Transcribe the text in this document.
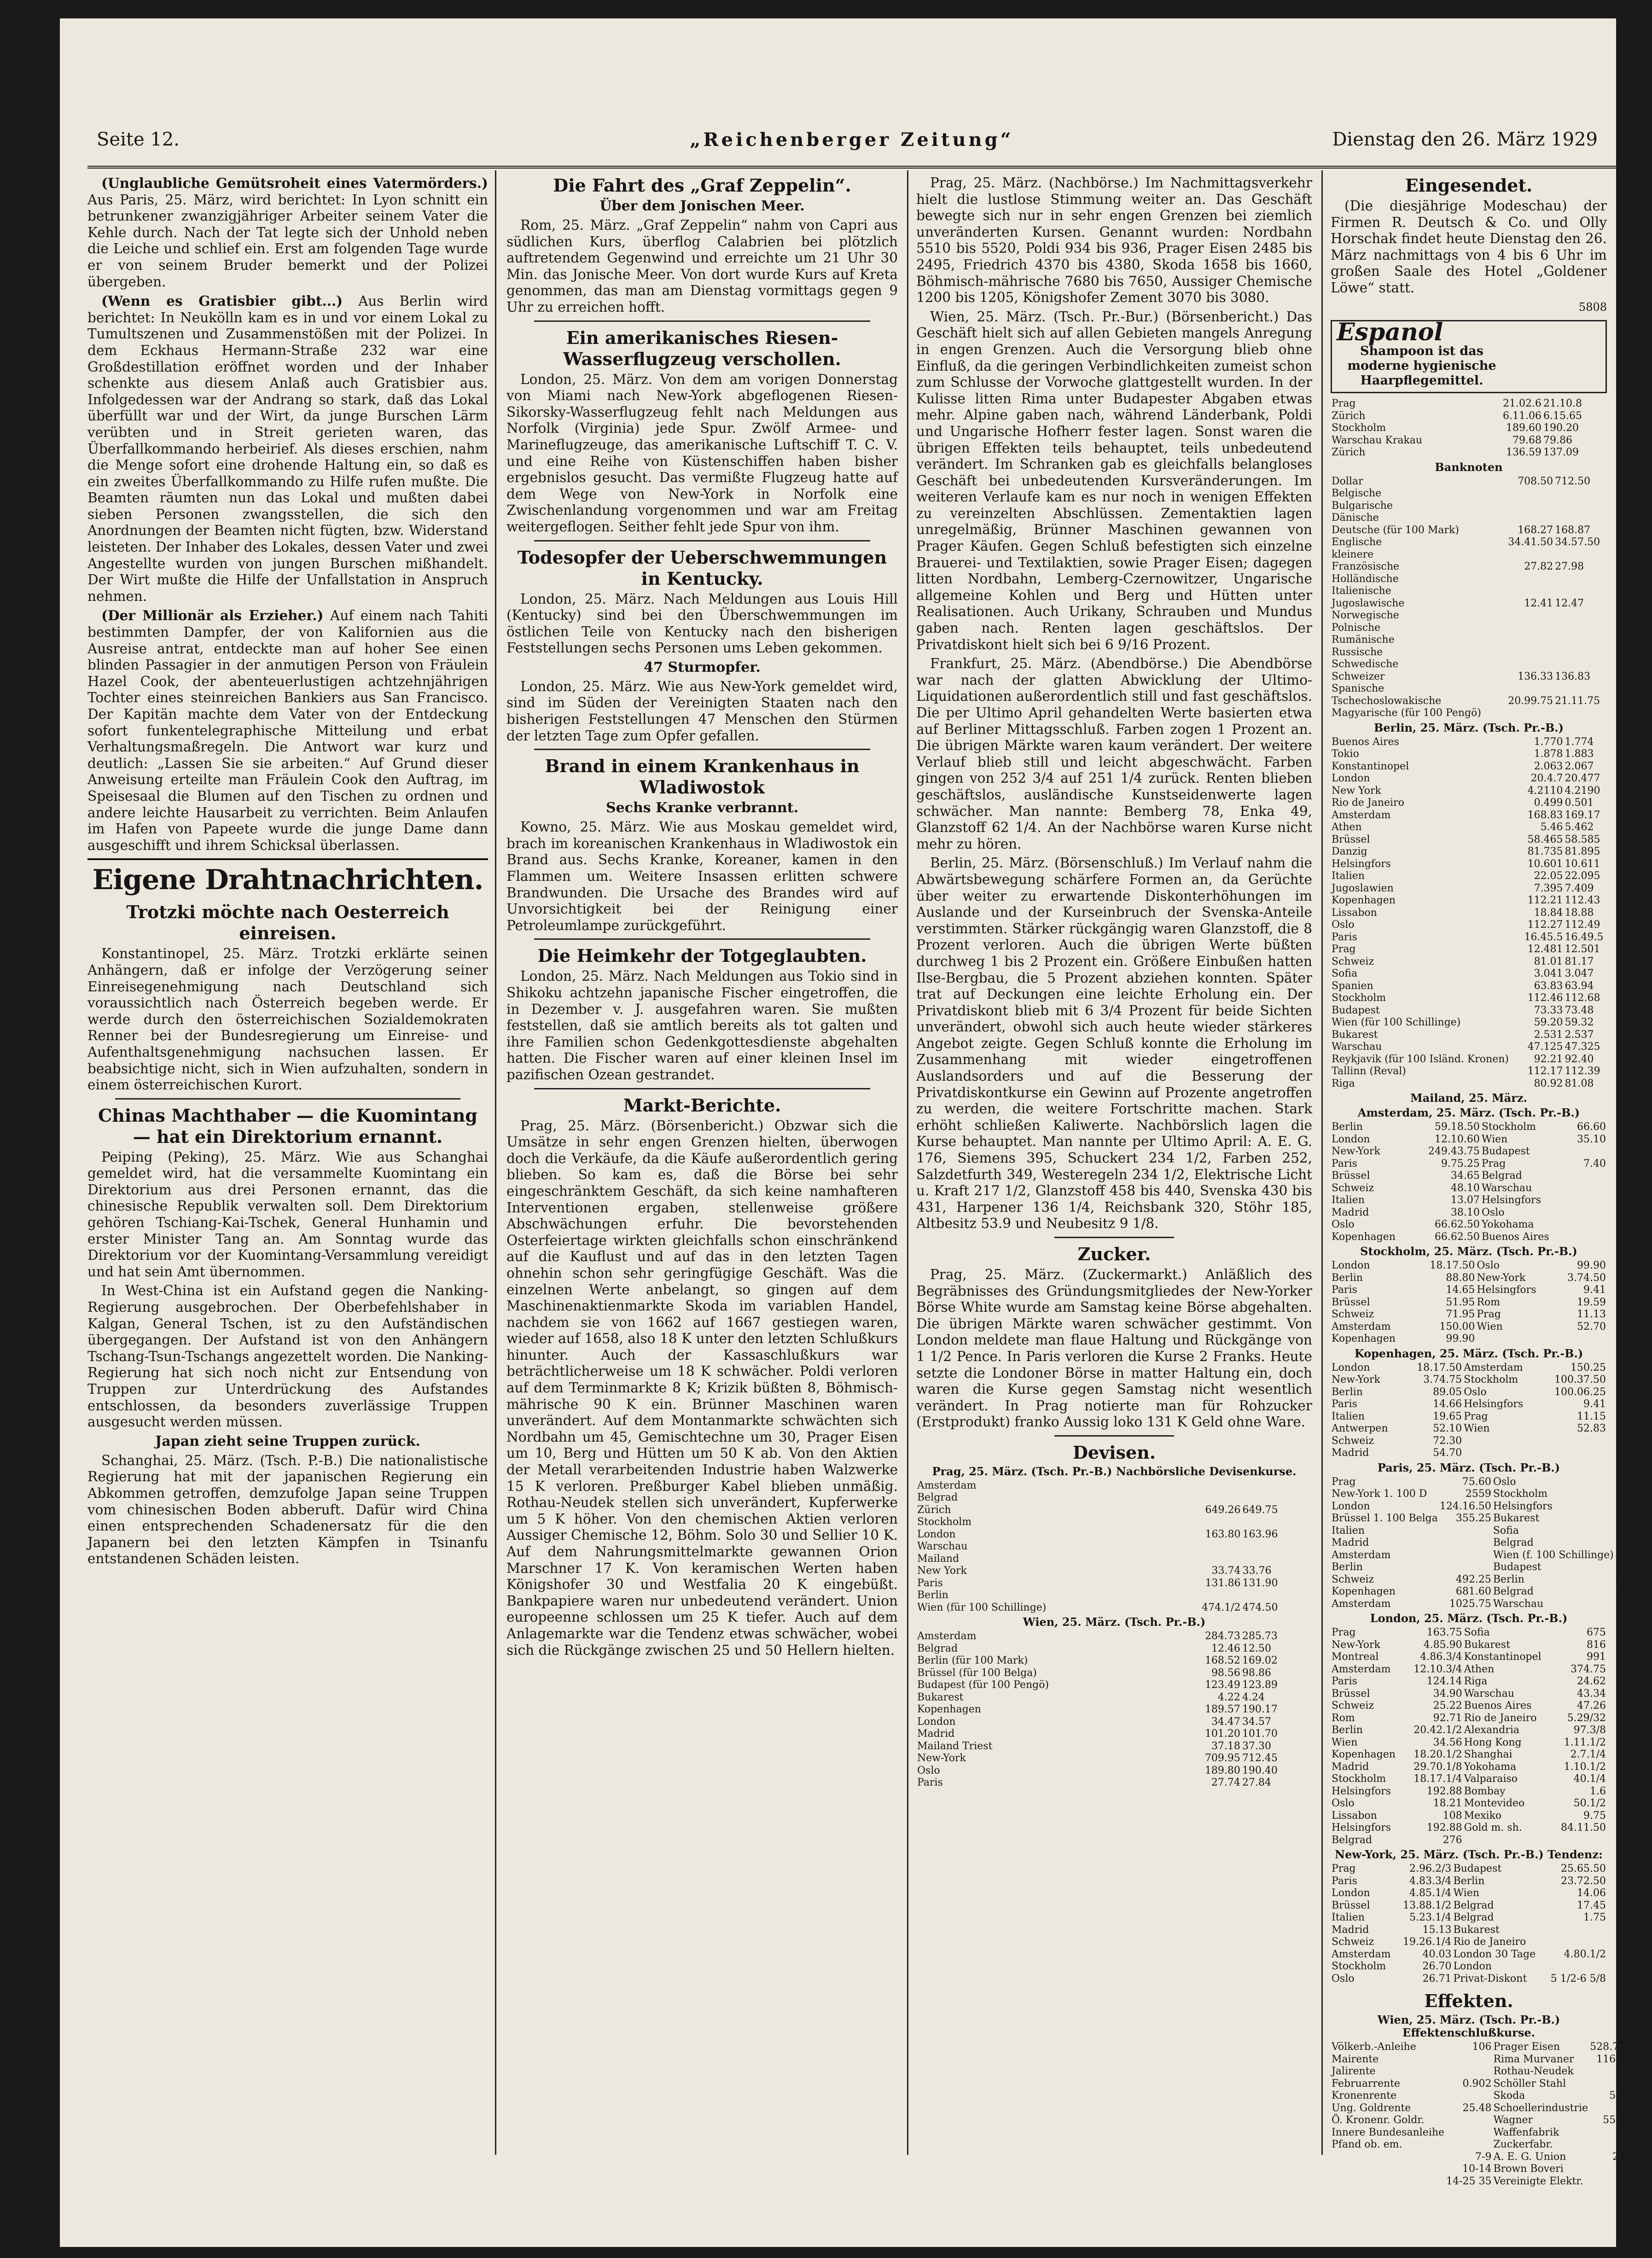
Seite 12.	„Reichenberger Zeitung“	Dienstag den 26. März 1929

(Unglaubliche Gemütsroheit eines Vatermörders.) Aus Paris, 25. März, wird berichtet: In Lyon schnitt ein betrunkener zwanzigjähriger Arbeiter seinem Vater die Kehle durch. Nach der Tat legte sich der Unhold neben die Leiche und schlief ein. Erst am folgenden Tage wurde er von seinem Bruder bemerkt und der Polizei übergeben.

(Wenn es Gratisbier gibt...) Aus Berlin wird berichtet: In Neukölln kam es in und vor einem Lokal zu Tumultszenen und Zusammenstößen mit der Polizei. In dem Eckhaus Hermann-Straße 232 war eine Großdestillation eröffnet worden und der Inhaber schenkte aus diesem Anlaß auch Gratisbier aus. Infolgedessen war der Andrang so stark, daß das Lokal überfüllt war und der Wirt, da junge Burschen Lärm verübten und in Streit gerieten waren, das Überfallkommando herbeirief. Als dieses erschien, nahm die Menge sofort eine drohende Haltung ein, so daß es ein zweites Überfallkommando zu Hilfe rufen mußte. Die Beamten räumten nun das Lokal und mußten dabei sieben Personen zwangsstellen, die sich den Anordnungen der Beamten nicht fügten, bzw. Widerstand leisteten. Der Inhaber des Lokales, dessen Vater und zwei Angestellte wurden von jungen Burschen mißhandelt. Der Wirt mußte die Hilfe der Unfallstation in Anspruch nehmen.

(Der Millionär als Erzieher.) Auf einem nach Tahiti bestimmten Dampfer, der von Kalifornien aus die Ausreise antrat, entdeckte man auf hoher See einen blinden Passagier in der anmutigen Person von Fräulein Hazel Cook, der abenteuerlustigen achtzehnjährigen Tochter eines steinreichen Bankiers aus San Francisco. Der Kapitän machte dem Vater von der Entdeckung sofort funkentelegraphische Mitteilung und erbat Verhaltungsmaßregeln. Die Antwort war kurz und deutlich: „Lassen Sie sie arbeiten.“ Auf Grund dieser Anweisung erteilte man Fräulein Cook den Auftrag, im Speisesaal die Blumen auf den Tischen zu ordnen und andere leichte Hausarbeit zu verrichten. Beim Anlaufen im Hafen von Papeete wurde die junge Dame dann ausgeschifft und ihrem Schicksal überlassen.

Eigene Drahtnachrichten.
Trotzki möchte nach Oesterreich einreisen.

Konstantinopel, 25. März. Trotzki erklärte seinen Anhängern, daß er infolge der Verzögerung seiner Einreisegenehmigung nach Deutschland sich voraussichtlich nach Österreich begeben werde. Er werde durch den österreichischen Sozialdemokraten Renner bei der Bundesregierung um Einreise- und Aufenthaltsgenehmigung nachsuchen lassen. Er beabsichtige nicht, sich in Wien aufzuhalten, sondern in einem österreichischen Kurort.

Chinas Machthaber — die Kuomintang — hat ein Direktorium ernannt.

Peiping (Peking), 25. März. Wie aus Schanghai gemeldet wird, hat die versammelte Kuomintang ein Direktorium aus drei Personen ernannt, das die chinesische Republik verwalten soll. Dem Direktorium gehören Tschiang-Kai-Tschek, General Hunhamin und erster Minister Tang an. Am Sonntag wurde das Direktorium vor der Kuomintang-Versammlung vereidigt und hat sein Amt übernommen.

In West-China ist ein Aufstand gegen die Nanking-Regierung ausgebrochen. Der Oberbefehlshaber in Kalgan, General Tschen, ist zu den Aufständischen übergegangen. Der Aufstand ist von den Anhängern Tschang-Tsun-Tschangs angezettelt worden. Die Nanking-Regierung hat sich noch nicht zur Entsendung von Truppen zur Unterdrückung des Aufstandes entschlossen, da besonders zuverlässige Truppen ausgesucht werden müssen.

Japan zieht seine Truppen zurück.

Schanghai, 25. März. (Tsch. P.-B.) Die nationalistische Regierung hat mit der japanischen Regierung ein Abkommen getroffen, demzufolge Japan seine Truppen vom chinesischen Boden abberuft. Dafür wird China einen entsprechenden Schadenersatz für die den Japanern bei den letzten Kämpfen in Tsinanfu entstandenen Schäden leisten.

Die Fahrt des „Graf Zeppelin“.
Über dem Jonischen Meer.

Rom, 25. März. „Graf Zeppelin“ nahm von Capri aus südlichen Kurs, überflog Calabrien bei plötzlich auftretendem Gegenwind und erreichte um 21 Uhr 30 Min. das Jonische Meer. Von dort wurde Kurs auf Kreta genommen, das man am Dienstag vormittags gegen 9 Uhr zu erreichen hofft.

Ein amerikanisches Riesen-Wasserflugzeug verschollen.

London, 25. März. Von dem am vorigen Donnerstag von Miami nach New-York abgeflogenen Riesen-Sikorsky-Wasserflugzeug fehlt nach Meldungen aus Norfolk (Virginia) jede Spur. Zwölf Armee- und Marineflugzeuge, das amerikanische Luftschiff T. C. V. und eine Reihe von Küstenschiffen haben bisher ergebnislos gesucht. Das vermißte Flugzeug hatte auf dem Wege von New-York in Norfolk eine Zwischenlandung vorgenommen und war am Freitag weitergeflogen. Seither fehlt jede Spur von ihm.

Todesopfer der Ueberschwemmungen in Kentucky.

London, 25. März. Nach Meldungen aus Louis Hill (Kentucky) sind bei den Überschwemmungen im östlichen Teile von Kentucky nach den bisherigen Feststellungen sechs Personen ums Leben gekommen.

47 Sturmopfer.

London, 25. März. Wie aus New-York gemeldet wird, sind im Süden der Vereinigten Staaten nach den bisherigen Feststellungen 47 Menschen den Stürmen der letzten Tage zum Opfer gefallen.

Brand in einem Krankenhaus in Wladiwostok
Sechs Kranke verbrannt.

Kowno, 25. März. Wie aus Moskau gemeldet wird, brach im koreanischen Krankenhaus in Wladiwostok ein Brand aus. Sechs Kranke, Koreaner, kamen in den Flammen um. Weitere Insassen erlitten schwere Brandwunden. Die Ursache des Brandes wird auf Unvorsichtigkeit bei der Reinigung einer Petroleumlampe zurückgeführt.

Die Heimkehr der Totgeglaubten.

London, 25. März. Nach Meldungen aus Tokio sind in Shikoku achtzehn japanische Fischer eingetroffen, die in Dezember v. J. ausgefahren waren. Sie mußten feststellen, daß sie amtlich bereits als tot galten und ihre Familien schon Gedenkgottesdienste abgehalten hatten. Die Fischer waren auf einer kleinen Insel im pazifischen Ozean gestrandet.

Markt-Berichte.

Prag, 25. März. (Börsenbericht.) Obzwar sich die Umsätze in sehr engen Grenzen hielten, überwogen doch die Verkäufe, da die Käufe außerordentlich gering blieben. So kam es, daß die Börse bei sehr eingeschränktem Geschäft, da sich keine namhafteren Interventionen ergaben, stellenweise größere Abschwächungen erfuhr. Die bevorstehenden Osterfeiertage wirkten gleichfalls schon einschränkend auf die Kauflust und auf das in den letzten Tagen ohnehin schon sehr geringfügige Geschäft. Was die einzelnen Werte anbelangt, so gingen auf dem Maschinenaktienmarkte Skoda im variablen Handel, nachdem sie von 1662 auf 1667 gestiegen waren, wieder auf 1658, also 18 K unter den letzten Schlußkurs hinunter. Auch der Kassaschlußkurs war beträchtlicherweise um 18 K schwächer. Poldi verloren auf dem Terminmarkte 8 K; Krizik büßten 8, Böhmisch-mährische 90 K ein. Brünner Maschinen waren unverändert. Auf dem Montanmarkte schwächten sich Nordbahn um 45, Gemischtechne um 30, Prager Eisen um 10, Berg und Hütten um 50 K ab. Von den Aktien der Metall verarbeitenden Industrie haben Walzwerke 15 K verloren. Preßburger Kabel blieben unmäßig. Rothau-Neudek stellen sich unverändert, Kupferwerke um 5 K höher. Von den chemischen Aktien verloren Aussiger Chemische 12, Böhm. Solo 30 und Sellier 10 K. Auf dem Nahrungsmittelmarkte gewannen Orion Marschner 17 K. Von keramischen Werten haben Königshofer 30 und Westfalia 20 K eingebüßt. Bankpapiere waren nur unbedeutend verändert. Union europeenne schlossen um 25 K tiefer. Auch auf dem Anlagemarkte war die Tendenz etwas schwächer, wobei sich die Rückgänge zwischen 25 und 50 Hellern hielten.

Prag, 25. März. (Nachbörse.) Im Nachmittagsverkehr hielt die lustlose Stimmung weiter an. Das Geschäft bewegte sich nur in sehr engen Grenzen bei ziemlich unveränderten Kursen. Genannt wurden: Nordbahn 5510 bis 5520, Poldi 934 bis 936, Prager Eisen 2485 bis 2495, Friedrich 4370 bis 4380, Skoda 1658 bis 1660, Böhmisch-mährische 7680 bis 7650, Aussiger Chemische 1200 bis 1205, Königshofer Zement 3070 bis 3080.

Wien, 25. März. (Tsch. Pr.-Bur.) (Börsenbericht.) Das Geschäft hielt sich auf allen Gebieten mangels Anregung in engen Grenzen. Auch die Versorgung blieb ohne Einfluß, da die geringen Verbindlichkeiten zumeist schon zum Schlusse der Vorwoche glattgestellt wurden. In der Kulisse litten Rima unter Budapester Abgaben etwas mehr. Alpine gaben nach, während Länderbank, Poldi und Ungarische Hofherr fester lagen. Sonst waren die übrigen Effekten teils behauptet, teils unbedeutend verändert. Im Schranken gab es gleichfalls belangloses Geschäft bei unbedeutenden Kursveränderungen. Im weiteren Verlaufe kam es nur noch in wenigen Effekten zu vereinzelten Abschlüssen. Zementaktien lagen unregelmäßig, Brünner Maschinen gewannen von Prager Käufen. Gegen Schluß befestigten sich einzelne Brauerei- und Textilaktien, sowie Prager Eisen; dagegen litten Nordbahn, Lemberg-Czernowitzer, Ungarische allgemeine Kohlen und Berg und Hütten unter Realisationen. Auch Urikany, Schrauben und Mundus gaben nach. Renten lagen geschäftslos. Der Privatdiskont hielt sich bei 6 9/16 Prozent.

Frankfurt, 25. März. (Abendbörse.) Die Abendbörse war nach der glatten Abwicklung der Ultimo-Liquidationen außerordentlich still und fast geschäftslos. Die per Ultimo April gehandelten Werte basierten etwa auf Berliner Mittagsschluß. Farben zogen 1 Prozent an. Die übrigen Märkte waren kaum verändert. Der weitere Verlauf blieb still und leicht abgeschwächt. Farben gingen von 252 3/4 auf 251 1/4 zurück. Renten blieben geschäftslos, ausländische Kunstseidenwerte lagen schwächer. Man nannte: Bemberg 78, Enka 49, Glanzstoff 62 1/4. An der Nachbörse waren Kurse nicht mehr zu hören.

Berlin, 25. März. (Börsenschluß.) Im Verlauf nahm die Abwärtsbewegung schärfere Formen an, da Gerüchte über weiter zu erwartende Diskonterhöhungen im Auslande und der Kurseinbruch der Svenska-Anteile verstimmten. Stärker rückgängig waren Glanzstoff, die 8 Prozent verloren. Auch die übrigen Werte büßten durchweg 1 bis 2 Prozent ein. Größere Einbußen hatten Ilse-Bergbau, die 5 Prozent abziehen konnten. Später trat auf Deckungen eine leichte Erholung ein. Der Privatdiskont blieb mit 6 3/4 Prozent für beide Sichten unverändert, obwohl sich auch heute wieder stärkeres Angebot zeigte. Gegen Schluß konnte die Erholung im Zusammenhang mit wieder eingetroffenen Auslandsorders und auf die Besserung der Privatdiskontkurse ein Gewinn auf Prozente angetroffen zu werden, die weitere Fortschritte machen. Stark erhöht schließen Kaliwerte. Nachbörslich lagen die Kurse behauptet. Man nannte per Ultimo April: A. E. G. 176, Siemens 395, Schuckert 234 1/2, Farben 252, Salzdetfurth 349, Westeregeln 234 1/2, Elektrische Licht u. Kraft 217 1/2, Glanzstoff 458 bis 440, Svenska 430 bis 431, Harpener 136 1/4, Reichsbank 320, Stöhr 185, Altbesitz 53.9 und Neubesitz 9 1/8.

Zucker.

Prag, 25. März. (Zuckermarkt.) Anläßlich des Begräbnisses des Gründungsmitgliedes der New-Yorker Börse White wurde am Samstag keine Börse abgehalten. Die übrigen Märkte waren schwächer gestimmt. Von London meldete man flaue Haltung und Rückgänge von 1 1/2 Pence. In Paris verloren die Kurse 2 Franks. Heute setzte die Londoner Börse in matter Haltung ein, doch waren die Kurse gegen Samstag nicht wesentlich verändert. In Prag notierte man für Rohzucker (Erstprodukt) franko Aussig loko 131 K Geld ohne Ware.

Devisen.
Prag, 25. März. (Tsch. Pr.-B.) Nachbörsliche Devisenkurse.
Amsterdam		
Belgrad		
Zürich	649.26	649.75
Stockholm		
London	163.80	163.96
Warschau		
Mailand		
New York	33.74	33.76
Paris	131.86	131.90
Berlin		
Wien (für 100 Schillinge)	474.1/2	474.50
Wien, 25. März. (Tsch. Pr.-B.)
Amsterdam	284.73	285.73
Belgrad	12.46	12.50
Berlin (für 100 Mark)	168.52	169.02
Brüssel (für 100 Belga)	98.56	98.86
Budapest (für 100 Pengö)	123.49	123.89
Bukarest	4.22	4.24
Kopenhagen	189.57	190.17
London	34.47	34.57
Madrid	101.20	101.70
Mailand Triest	37.18	37.30
New-York	709.95	712.45
Oslo	189.80	190.40
Paris	27.74	27.84
Eingesendet.

(Die diesjährige Modeschau) der Firmen R. Deutsch & Co. und Olly Horschak findet heute Dienstag den 26. März nachmittags von 4 bis 6 Uhr im großen Saale des Hotel „Goldener Löwe“ statt.

5808
Espanol Shampoon ist das moderne hygienische Haarpflegemittel.
Prag	21.02.6	21.10.8
Zürich	6.11.06	6.15.65
Stockholm	189.60	190.20
Warschau Krakau	79.68	79.86
Zürich	136.59	137.09
Banknoten
Dollar	708.50	712.50
Belgische		
Bulgarische		
Dänische		
Deutsche (für 100 Mark)	168.27	168.87
Englische	34.41.50	34.57.50
kleinere		
Französische	27.82	27.98
Holländische		
Italienische		
Jugoslawische	12.41	12.47
Norwegische		
Polnische		
Rumänische		
Russische		
Schwedische		
Schweizer	136.33	136.83
Spanische		
Tschechoslowakische	20.99.75	21.11.75
Magyarische (für 100 Pengö)		
Berlin, 25. März. (Tsch. Pr.-B.)
Buenos Aires	1.770	1.774
Tokio	1.878	1.883
Konstantinopel	2.063	2.067
London	20.4.7	20.477
New York	4.2110	4.2190
Rio de Janeiro	0.499	0.501
Amsterdam	168.83	169.17
Athen	5.46	5.462
Brüssel	58.465	58.585
Danzig	81.735	81.895
Helsingfors	10.601	10.611
Italien	22.05	22.095
Jugoslawien	7.395	7.409
Kopenhagen	112.21	112.43
Lissabon	18.84	18.88
Oslo	112.27	112.49
Paris	16.45.5	16.49.5
Prag	12.481	12.501
Schweiz	81.01	81.17
Sofia	3.041	3.047
Spanien	63.83	63.94
Stockholm	112.46	112.68
Budapest	73.33	73.48
Wien (für 100 Schillinge)	59.20	59.32
Bukarest	2.531	2.537
Warschau	47.125	47.325
Reykjavik (für 100 Isländ. Kronen)	92.21	92.40
Tallinn (Reval)	112.17	112.39
Riga	80.92	81.08
Mailand, 25. März.
Amsterdam, 25. März. (Tsch. Pr.-B.)
Berlin	59.18.50	Stockholm	66.60
London	12.10.60	Wien	35.10
New-York	249.43.75	Budapest	
Paris	9.75.25	Prag	7.40
Brüssel	34.65	Belgrad	
Schweiz	48.10	Warschau	
Italien	13.07	Helsingfors	
Madrid	38.10	Oslo	
Oslo	66.62.50	Yokohama	
Kopenhagen	66.62.50	Buenos Aires	
Stockholm, 25. März. (Tsch. Pr.-B.)
London	18.17.50	Oslo	99.90
Berlin	88.80	New-York	3.74.50
Paris	14.65	Helsingfors	9.41
Brüssel	51.95	Rom	19.59
Schweiz	71.95	Prag	11.13
Amsterdam	150.00	Wien	52.70
Kopenhagen	99.90		
Kopenhagen, 25. März. (Tsch. Pr.-B.)
London	18.17.50	Amsterdam	150.25
New-York	3.74.75	Stockholm	100.37.50
Berlin	89.05	Oslo	100.06.25
Paris	14.66	Helsingfors	9.41
Italien	19.65	Prag	11.15
Antwerpen	52.10	Wien	52.83
Schweiz	72.30		
Madrid	54.70		
Paris, 25. März. (Tsch. Pr.-B.)
Prag	75.60	Oslo	683.25
New-York 1. 100 D	2559	Stockholm	
London	124.16.50	Helsingfors	
Brüssel 1. 100 Belga	355.25	Bukarest	
Italien		Sofia	
Madrid		Belgrad	
Amsterdam		Wien (f. 100 Schillinge)	
Berlin		Budapest	
Schweiz	492.25	Berlin	606.75
Kopenhagen	681.60	Belgrad	44.80
Amsterdam	1025.75	Warschau	
London, 25. März. (Tsch. Pr.-B.)
Prag	163.75	Sofia	675
New-York	4.85.90	Bukarest	816
Montreal	4.86.3/4	Konstantinopel	991
Amsterdam	12.10.3/4	Athen	374.75
Paris	124.14	Riga	24.62
Brüssel	34.90	Warschau	43.34
Schweiz	25.22	Buenos Aires	47.26
Rom	92.71	Rio de Janeiro	5.29/32
Berlin	20.42.1/2	Alexandria	97.3/8
Wien	34.56	Hong Kong	1.11.1/2
Kopenhagen	18.20.1/2	Shanghai	2.7.1/4
Madrid	29.70.1/8	Yokohama	1.10.1/2
Stockholm	18.17.1/4	Valparaiso	40.1/4
Helsingfors	192.88	Bombay	1.6
Oslo	18.21	Montevideo	50.1/2
Lissabon	108	Mexiko	9.75
Helsingfors	192.88	Gold m. sh.	84.11.50
Belgrad	276		
New-York, 25. März. (Tsch. Pr.-B.) Tendenz:
Prag	2.96.2/3	Budapest	25.65.50
Paris	4.83.3/4	Berlin	23.72.50
London	4.85.1/4	Wien	14.06
Brüssel	13.88.1/2	Belgrad	17.45
Italien	5.23.1/4	Belgrad	1.75
Madrid	15.13	Bukarest	
Schweiz	19.26.1/4	Rio de Janeiro	
Amsterdam	40.03	London 30 Tage	4.80.1/2
Stockholm	26.70	London	
Oslo	26.71	Privat-Diskont	5 1/2-6 5/8
Effekten.
Wien, 25. März. (Tsch. Pr.-B.) Effektenschlußkurse.
Völkerb.-Anleihe	106	Prager Eisen	528.75
Mairente		Rima Murvaner	116.6
Jalirente		Rothau-Neudek	
Februarrente	0.902	Schöller Stahl	
Kronenrente		Skoda	5.9
Ung. Goldrente	25.48	Schoellerindustrie	
Ö. Kronenr. Goldr.		Wagner	55.6
Innere Bundesanleihe		Waffenfabrik	
Pfand ob. em.		Zuckerfabr.	
	7-9	A. E. G. Union	24
	10-14	Brown Boveri	
	14-25 35	Vereinigte Elektr.	
